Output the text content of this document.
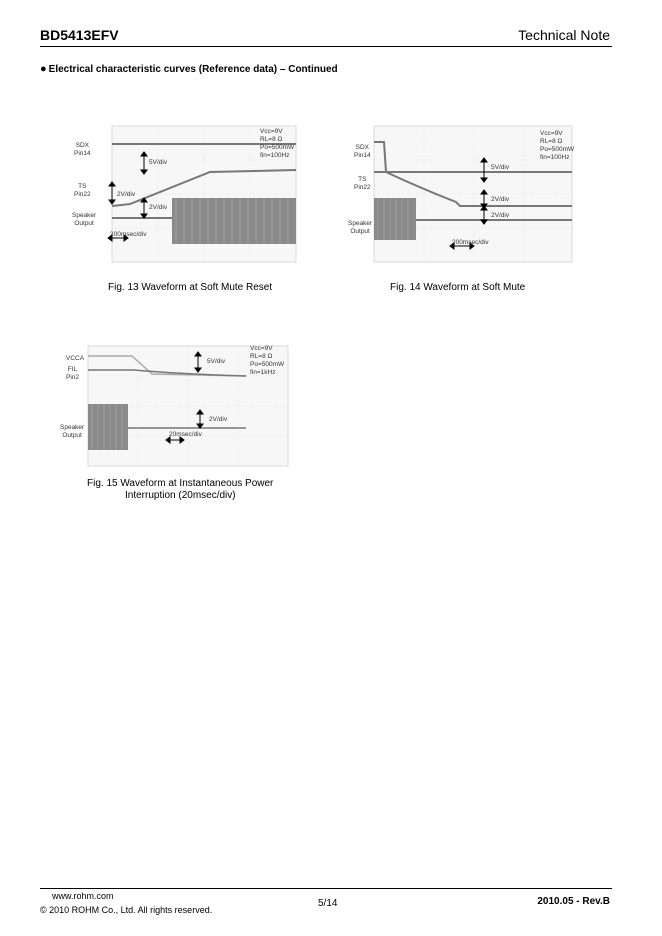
BD5413EFV	Technical Note
● Electrical characteristic curves (Reference data) – Continued
SDX
Pin14
TS
Pin22
Speaker
Output
Vcc=9V
RL=8 Ω
Po=500mW
fin=100Hz
5V/div
2V/div
2V/div
200msec/div
Fig. 13 Waveform at Soft Mute Reset
SDX
Pin14
TS
Pin22
Speaker
Output
Vcc=9V
RL=8 Ω
Po=500mW
fin=100Hz
5V/div
2V/div
2V/div
200msec/div
Fig. 14 Waveform at Soft Mute
VCCA
FIL
Pin2
Speaker
Output
Vcc=9V
RL=8 Ω
Po=500mW
fin=1kHz
5V/div
2V/div
20msec/div
Fig. 15 Waveform at Instantaneous Power
Interruption (20msec/div)
www.rohm.com
© 2010 ROHM Co., Ltd. All rights reserved.
5/14	2010.05 - Rev.B
